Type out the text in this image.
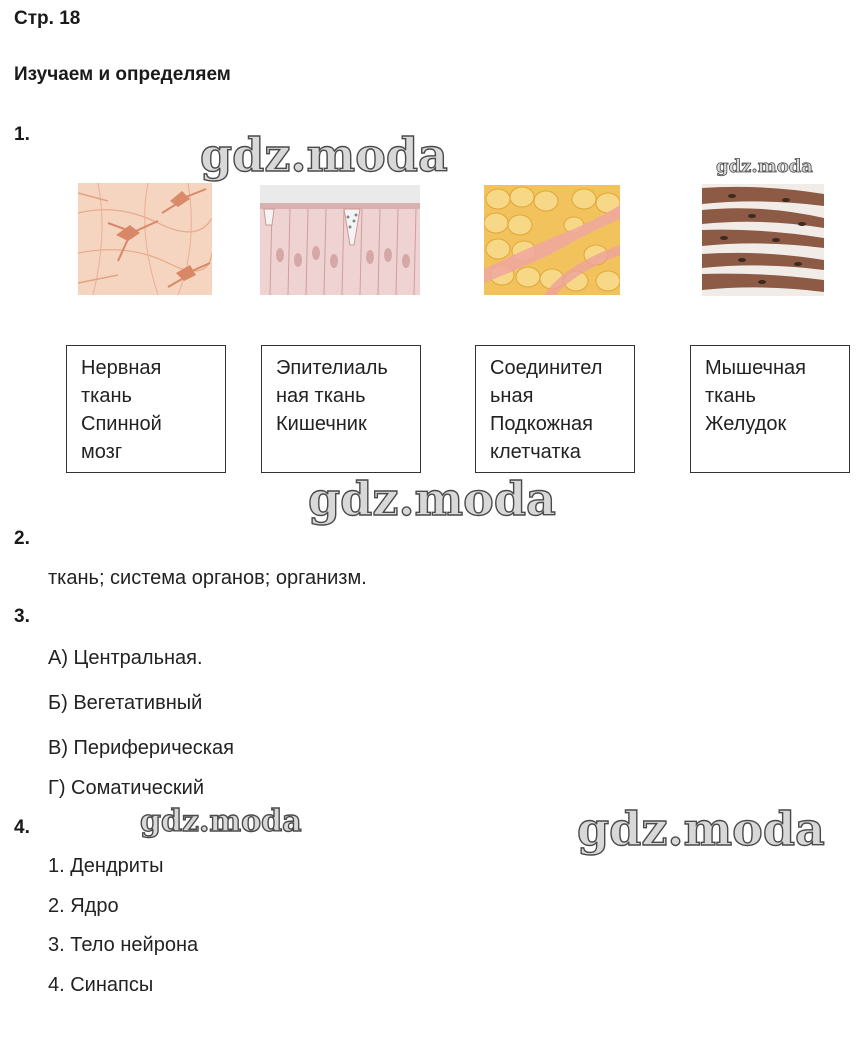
Стр. 18
Изучаем и определяем
1.	gdz.moda	gdz.moda
Нервная
ткань
Спинной
мозг
Эпителиаль
ная ткань
Кишечник
Соединител
ьная
Подкожная
клетчатка
Мышечная
ткань
Желудок
gdz.moda
2.
ткань; система органов; организм.
3.
А) Центральная.
Б) Вегетативный
В) Периферическая
Г) Соматический
4.	gdz.moda	gdz.moda
1. Дендриты
2. Ядро
3. Тело нейрона
4. Синапсы
